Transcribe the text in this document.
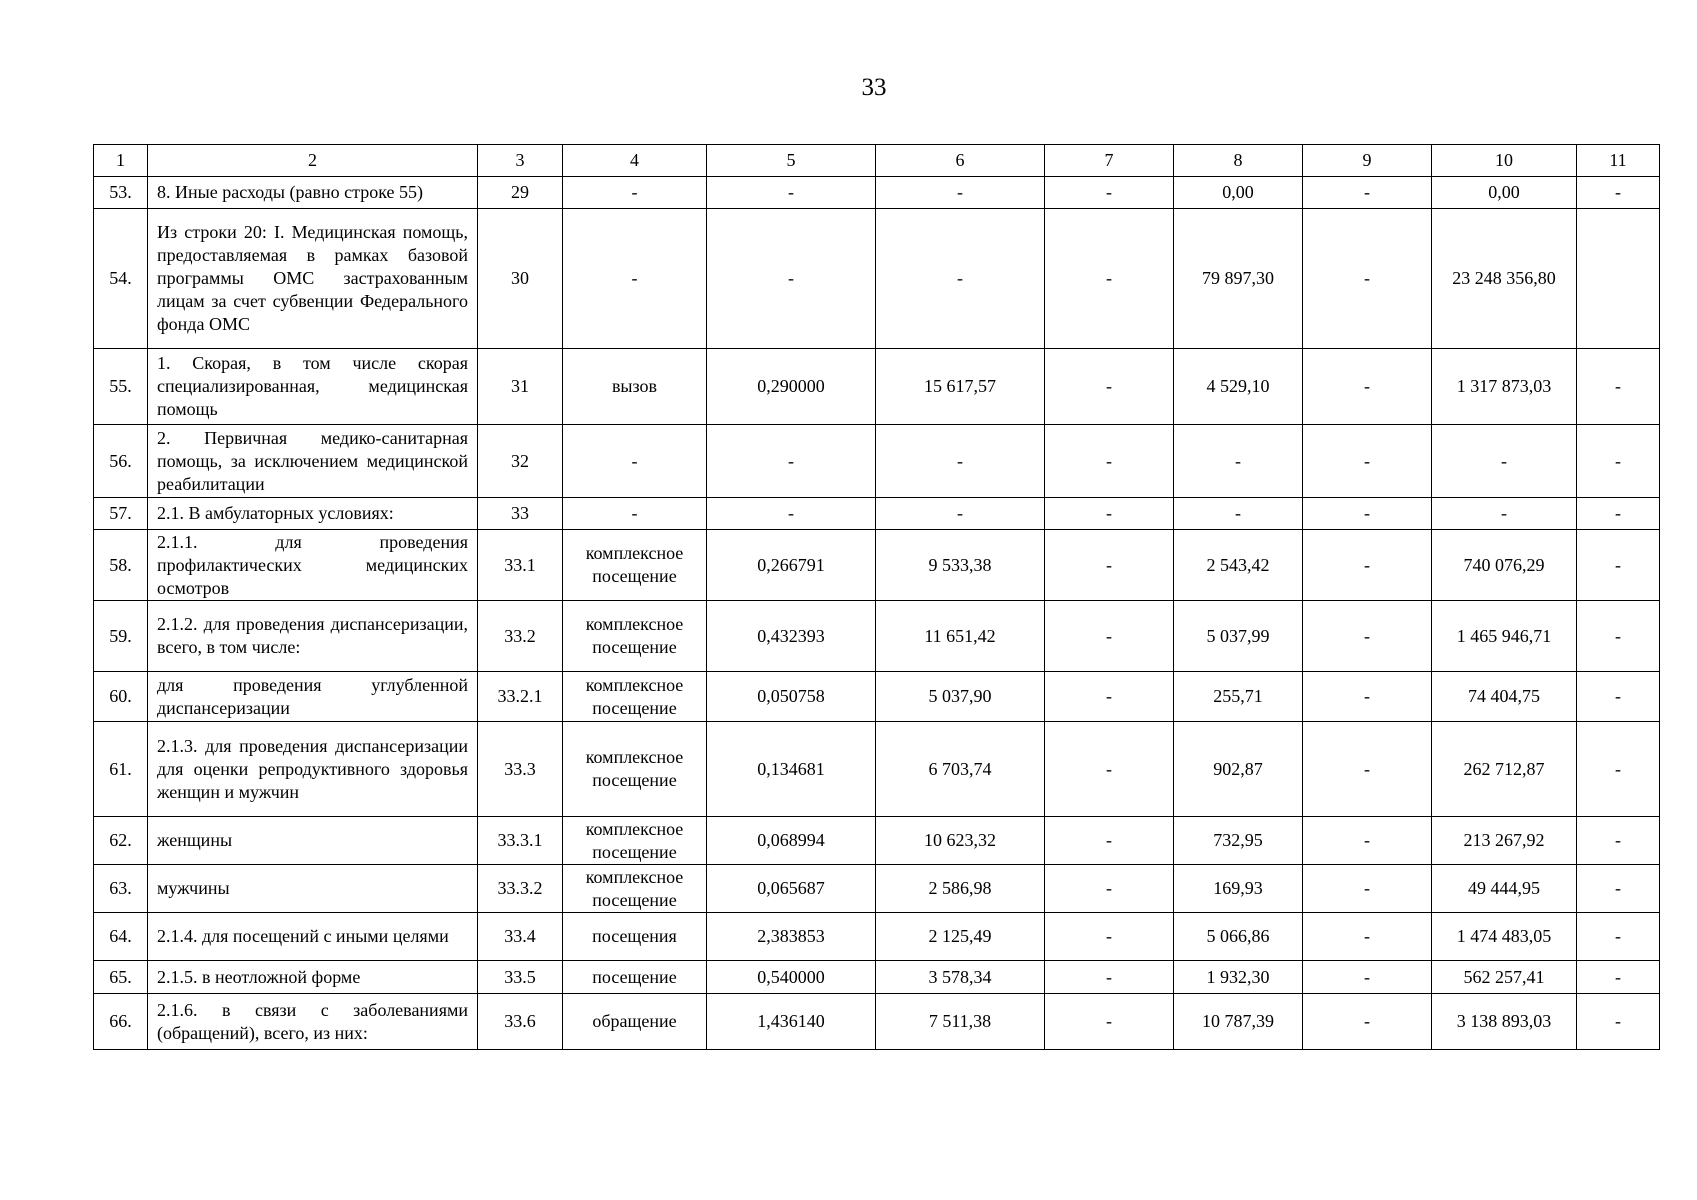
33
1	2	3	4	5	6	7	8	9	10	11
53.	8. Иные расходы (равно строке 55)	29	-	-	-	-	0,00	-	0,00	-
54.	Из строки 20: I. Медицинская помощь, предоставляемая в рамках базовой программы ОМС застрахованным лицам за счет субвенции Федерального фонда ОМС	30	-	-	-	-	79 897,30	-	23 248 356,80	
55.	1. Скорая, в том числе скорая специализированная, медицинская помощь	31	вызов	0,290000	15 617,57	-	4 529,10	-	1 317 873,03	-
56.	2. Первичная медико-санитарная помощь, за исключением медицинской реабилитации	32	-	-	-	-	-	-	-	-
57.	2.1. В амбулаторных условиях:	33	-	-	-	-	-	-	-	-
58.	2.1.1. для проведения профилактических медицинских осмотров	33.1	комплексное посещение	0,266791	9 533,38	-	2 543,42	-	740 076,29	-
59.	2.1.2. для проведения диспансеризации, всего, в том числе:	33.2	комплексное посещение	0,432393	11 651,42	-	5 037,99	-	1 465 946,71	-
60.	для проведения углубленной диспансеризации	33.2.1	комплексное посещение	0,050758	5 037,90	-	255,71	-	74 404,75	-
61.	2.1.3. для проведения диспансеризации для оценки репродуктивного здоровья женщин и мужчин	33.3	комплексное посещение	0,134681	6 703,74	-	902,87	-	262 712,87	-
62.	женщины	33.3.1	комплексное посещение	0,068994	10 623,32	-	732,95	-	213 267,92	-
63.	мужчины	33.3.2	комплексное посещение	0,065687	2 586,98	-	169,93	-	49 444,95	-
64.	2.1.4. для посещений с иными целями	33.4	посещения	2,383853	2 125,49	-	5 066,86	-	1 474 483,05	-
65.	2.1.5. в неотложной форме	33.5	посещение	0,540000	3 578,34	-	1 932,30	-	562 257,41	-
66.	2.1.6. в связи с заболеваниями (обращений), всего, из них:	33.6	обращение	1,436140	7 511,38	-	10 787,39	-	3 138 893,03	-
